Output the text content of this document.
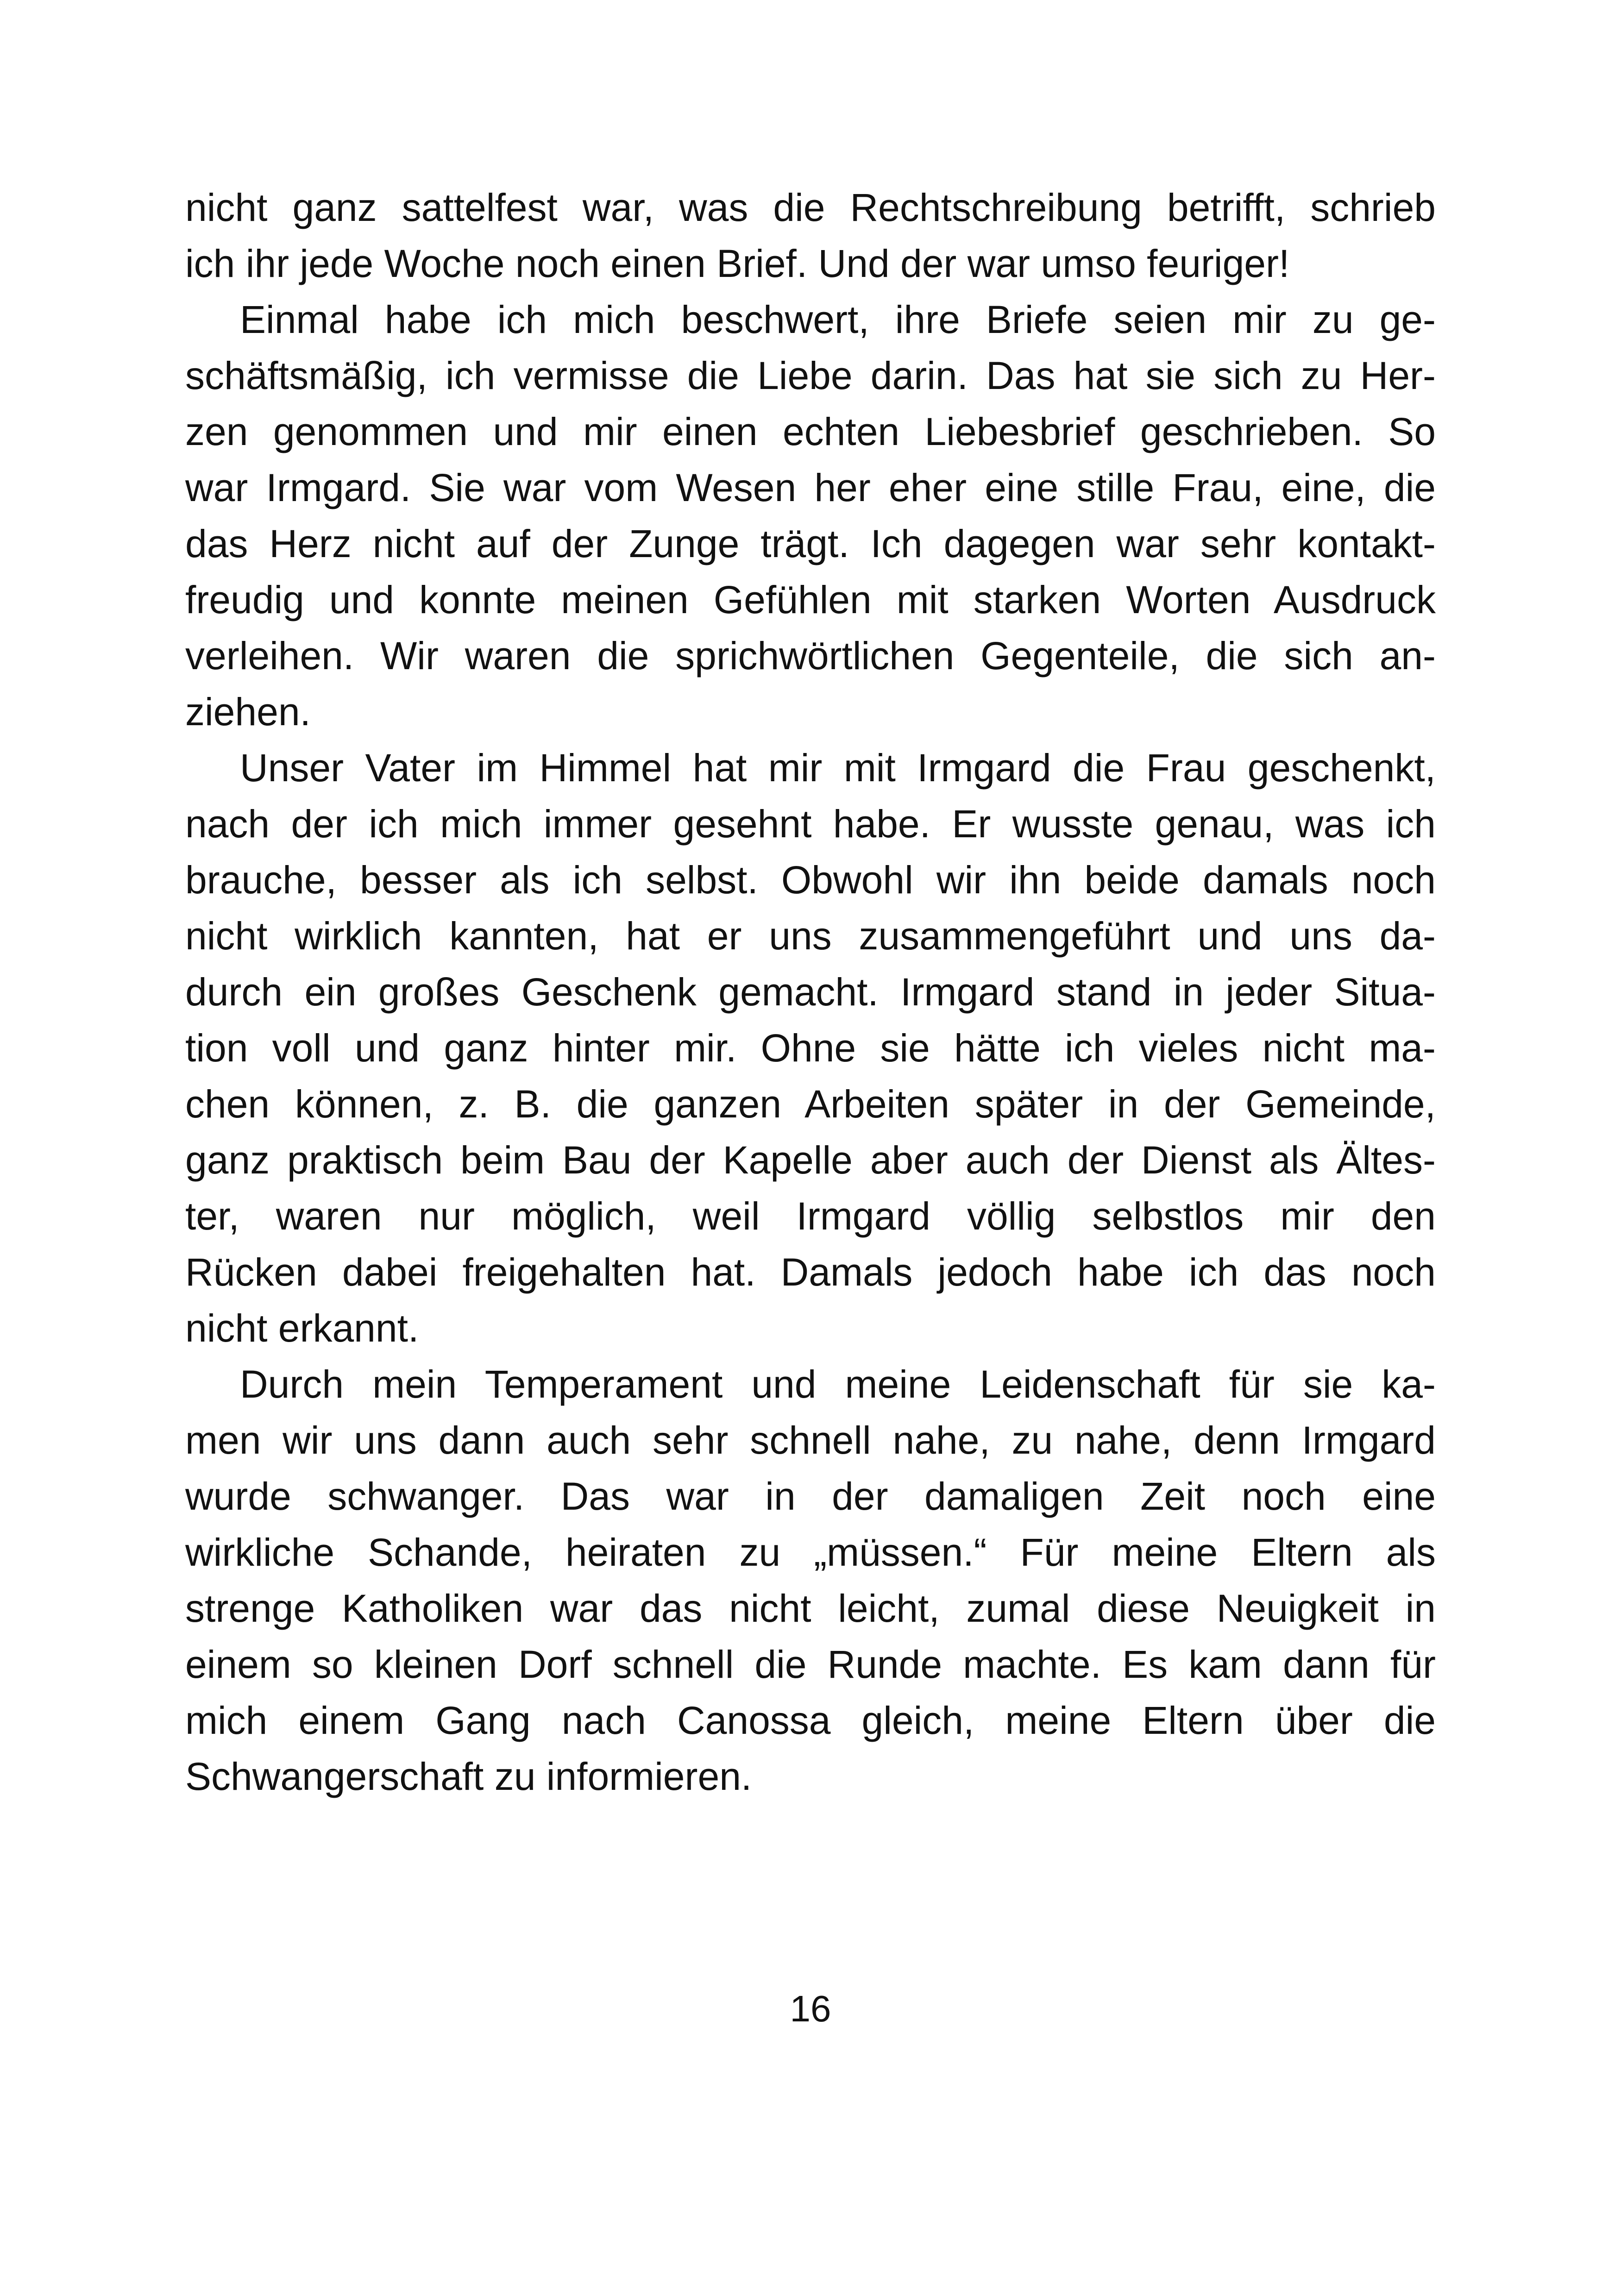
nicht ganz sattelfest war, was die Rechtschreibung betrifft, schrieb
ich ihr jede Woche noch einen Brief. Und der war umso feuriger!
Einmal habe ich mich beschwert, ihre Briefe seien mir zu ge-
schäftsmäßig, ich vermisse die Liebe darin. Das hat sie sich zu Her-
zen genommen und mir einen echten Liebesbrief geschrieben. So
war Irmgard. Sie war vom Wesen her eher eine stille Frau, eine, die
das Herz nicht auf der Zunge trägt. Ich dagegen war sehr kontakt-
freudig und konnte meinen Gefühlen mit starken Worten Ausdruck
verleihen. Wir waren die sprichwörtlichen Gegenteile, die sich an-
ziehen.
Unser Vater im Himmel hat mir mit Irmgard die Frau geschenkt,
nach der ich mich immer gesehnt habe. Er wusste genau, was ich
brauche, besser als ich selbst. Obwohl wir ihn beide damals noch
nicht wirklich kannten, hat er uns zusammengeführt und uns da-
durch ein großes Geschenk gemacht. Irmgard stand in jeder Situa-
tion voll und ganz hinter mir. Ohne sie hätte ich vieles nicht ma-
chen können, z. B. die ganzen Arbeiten später in der Gemeinde,
ganz praktisch beim Bau der Kapelle aber auch der Dienst als Ältes-
ter, waren nur möglich, weil Irmgard völlig selbstlos mir den
Rücken dabei freigehalten hat. Damals jedoch habe ich das noch
nicht erkannt.
Durch mein Temperament und meine Leidenschaft für sie ka-
men wir uns dann auch sehr schnell nahe, zu nahe, denn Irmgard
wurde schwanger. Das war in der damaligen Zeit noch eine
wirkliche Schande, heiraten zu „müssen.“ Für meine Eltern als
strenge Katholiken war das nicht leicht, zumal diese Neuigkeit in
einem so kleinen Dorf schnell die Runde machte. Es kam dann für
mich einem Gang nach Canossa gleich, meine Eltern über die
Schwangerschaft zu informieren.
16
